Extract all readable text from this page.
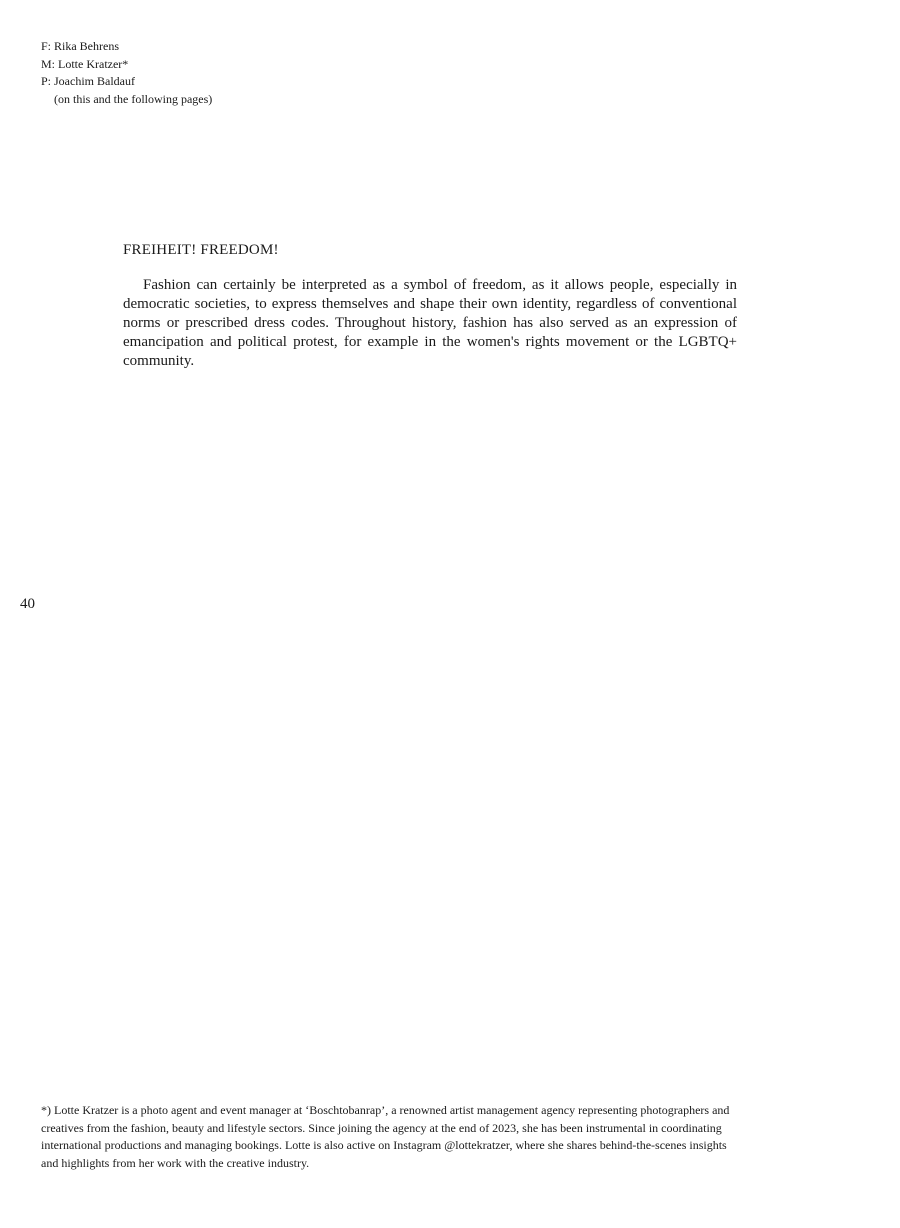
F: Rika Behrens
M: Lotte Kratzer*
P: Joachim Baldauf
(on this and the following pages)
FREIHEIT! FREEDOM!

Fashion can certainly be interpreted as a symbol of freedom, as it allows people, especially in democratic societies, to express themselves and shape their own identity, regardless of conventional norms or prescribed dress codes. Throughout history, fashion has also served as an expression of emancipation and political protest, for example in the women's rights movement or the LGBTQ+ community.

40
*) Lotte Kratzer is a photo agent and event manager at ‘Boschtobanrap’, a renowned artist management agency representing photographers and creatives from the fashion, beauty and lifestyle sectors. Since joining the agency at the end of 2023, she has been instrumental in coordinating international productions and managing bookings. Lotte is also active on Instagram @lottekratzer, where she shares behind-the-scenes insights and highlights from her work with the creative industry.
